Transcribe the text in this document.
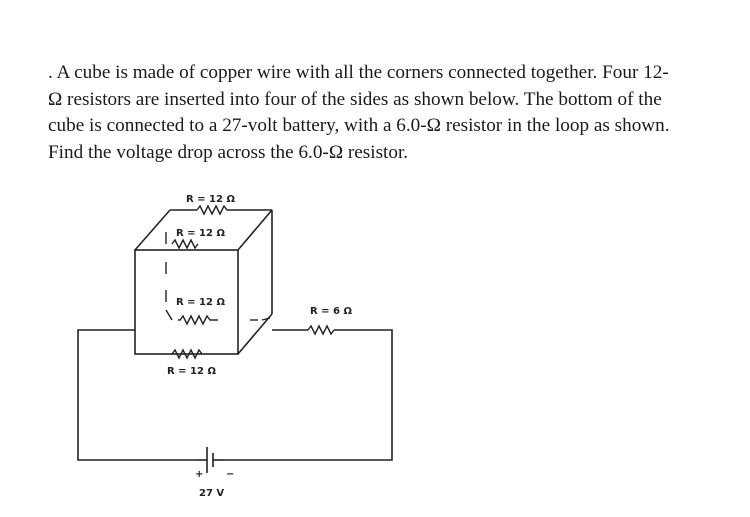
. A cube is made of copper wire with all the corners connected together. Four 12-
Ω resistors are inserted into four of the sides as shown below. The bottom of the
cube is connected to a 27-volt battery, with a 6.0-Ω resistor in the loop as shown.
Find the voltage drop across the 6.0-Ω resistor.
R = 12 Ω
R = 12 Ω
R = 12 Ω
R = 12 Ω
R = 6 Ω
+ −
27 V
